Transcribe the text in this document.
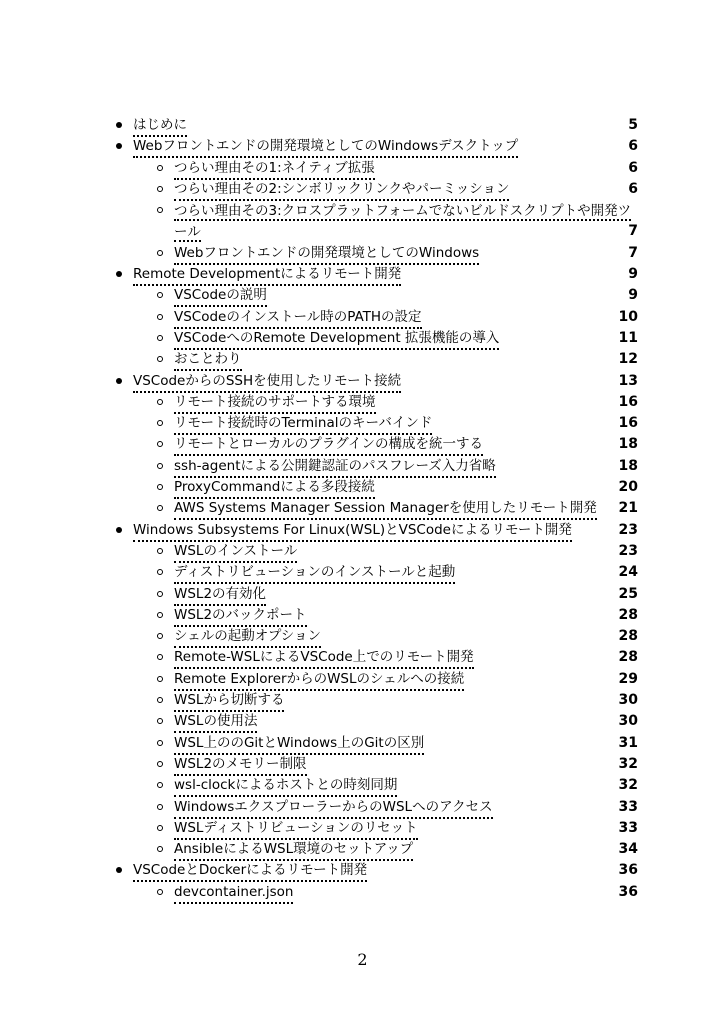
はじめに	5
Webフロントエンドの開発環境としてのWindowsデスクトップ	6
つらい理由その1:ネイティブ拡張	6
つらい理由その2:シンボリックリンクやパーミッション	6
つらい理由その3:クロスプラットフォームでないビルドスクリプトや開発ツール	7
Webフロントエンドの開発環境としてのWindows	7
Remote Developmentによるリモート開発	9
VSCodeの説明	9
VSCodeのインストール時のPATHの設定	10
VSCodeへのRemote Development 拡張機能の導入	11
おことわり	12
VSCodeからのSSHを使用したリモート接続	13
リモート接続のサポートする環境	16
リモート接続時のTerminalのキーバインド	16
リモートとローカルのプラグインの構成を統一する	18
ssh-agentによる公開鍵認証のパスフレーズ入力省略	18
ProxyCommandによる多段接続	20
AWS Systems Manager Session Managerを使用したリモート開発 21
Windows Subsystems For Linux(WSL)とVSCodeによるリモート開発	23
WSLのインストール	23
ディストリビューションのインストールと起動	24
WSL2の有効化	25
WSL2のバックポート	28
シェルの起動オプション	28
Remote-WSLによるVSCode上でのリモート開発	28
Remote ExplorerからのWSLのシェルへの接続	29
WSLから切断する	30
WSLの使用法	30
WSL上ののGitとWindows上のGitの区別	31
WSL2のメモリー制限	32
wsl-clockによるホストとの時刻同期	32
WindowsエクスプローラーからのWSLへのアクセス	33
WSLディストリビューションのリセット	33
AnsibleによるWSL環境のセットアップ	34
VSCodeとDockerによるリモート開発	36
devcontainer.json	36
2
